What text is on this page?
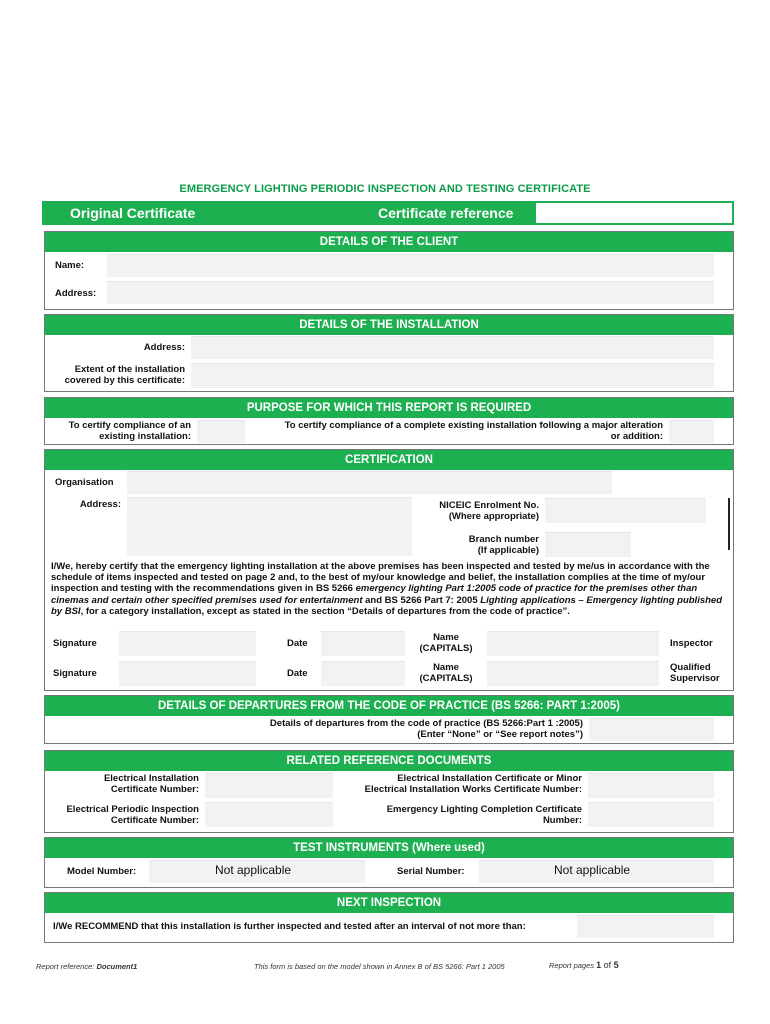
EMERGENCY LIGHTING PERIODIC INSPECTION AND TESTING CERTIFICATE
Original Certificate	Certificate reference
DETAILS OF THE CLIENT
Name:
Address:
DETAILS OF THE INSTALLATION
Address:
Extent of the installation
covered by this certificate:
PURPOSE FOR WHICH THIS REPORT IS REQUIRED
To certify compliance of an
existing installation:
To certify compliance of a complete existing installation following a major alteration
or addition:
CERTIFICATION
Organisation
Address:	NICEIC Enrolment No.
(Where appropriate)
Branch number
(If applicable)
I/We, hereby certify that the emergency lighting installation at the above premises has been inspected and tested by me/us in accordance with the schedule of items inspected and tested on page 2 and, to the best of my/our knowledge and belief, the installation complies at the time of my/our inspection and testing with the recommendations given in BS 5266 emergency lighting Part 1:2005 code of practice for the premises other than cinemas and certain other specified premises used for entertainment and BS 5266 Part 7: 2005 Lighting applications – Emergency lighting published by BSI, for a category installation, except as stated in the section “Details of departures from the code of practice”.
Signature	Date
Name
(CAPITALS)	Inspector
Signature	Date
Name
(CAPITALS)
Qualified
Supervisor
DETAILS OF DEPARTURES FROM THE CODE OF PRACTICE (BS 5266: PART 1:2005)
Details of departures from the code of practice (BS 5266:Part 1 :2005)
(Enter “None” or “See report notes”)
RELATED REFERENCE DOCUMENTS
Electrical Installation
Certificate Number:
Electrical Installation Certificate or Minor
Electrical Installation Works Certificate Number:
Electrical Periodic Inspection
Certificate Number:
Emergency Lighting Completion Certificate
Number:
TEST INSTRUMENTS (Where used)
Model Number:	Not applicable	Serial Number:	Not applicable
NEXT INSPECTION
I/We RECOMMEND that this installation is further inspected and tested after an interval of not more than:
Report reference: Document1	This form is based on the model shown in Annex B of BS 5266: Part 1 2005	Report pages 1 of 5
